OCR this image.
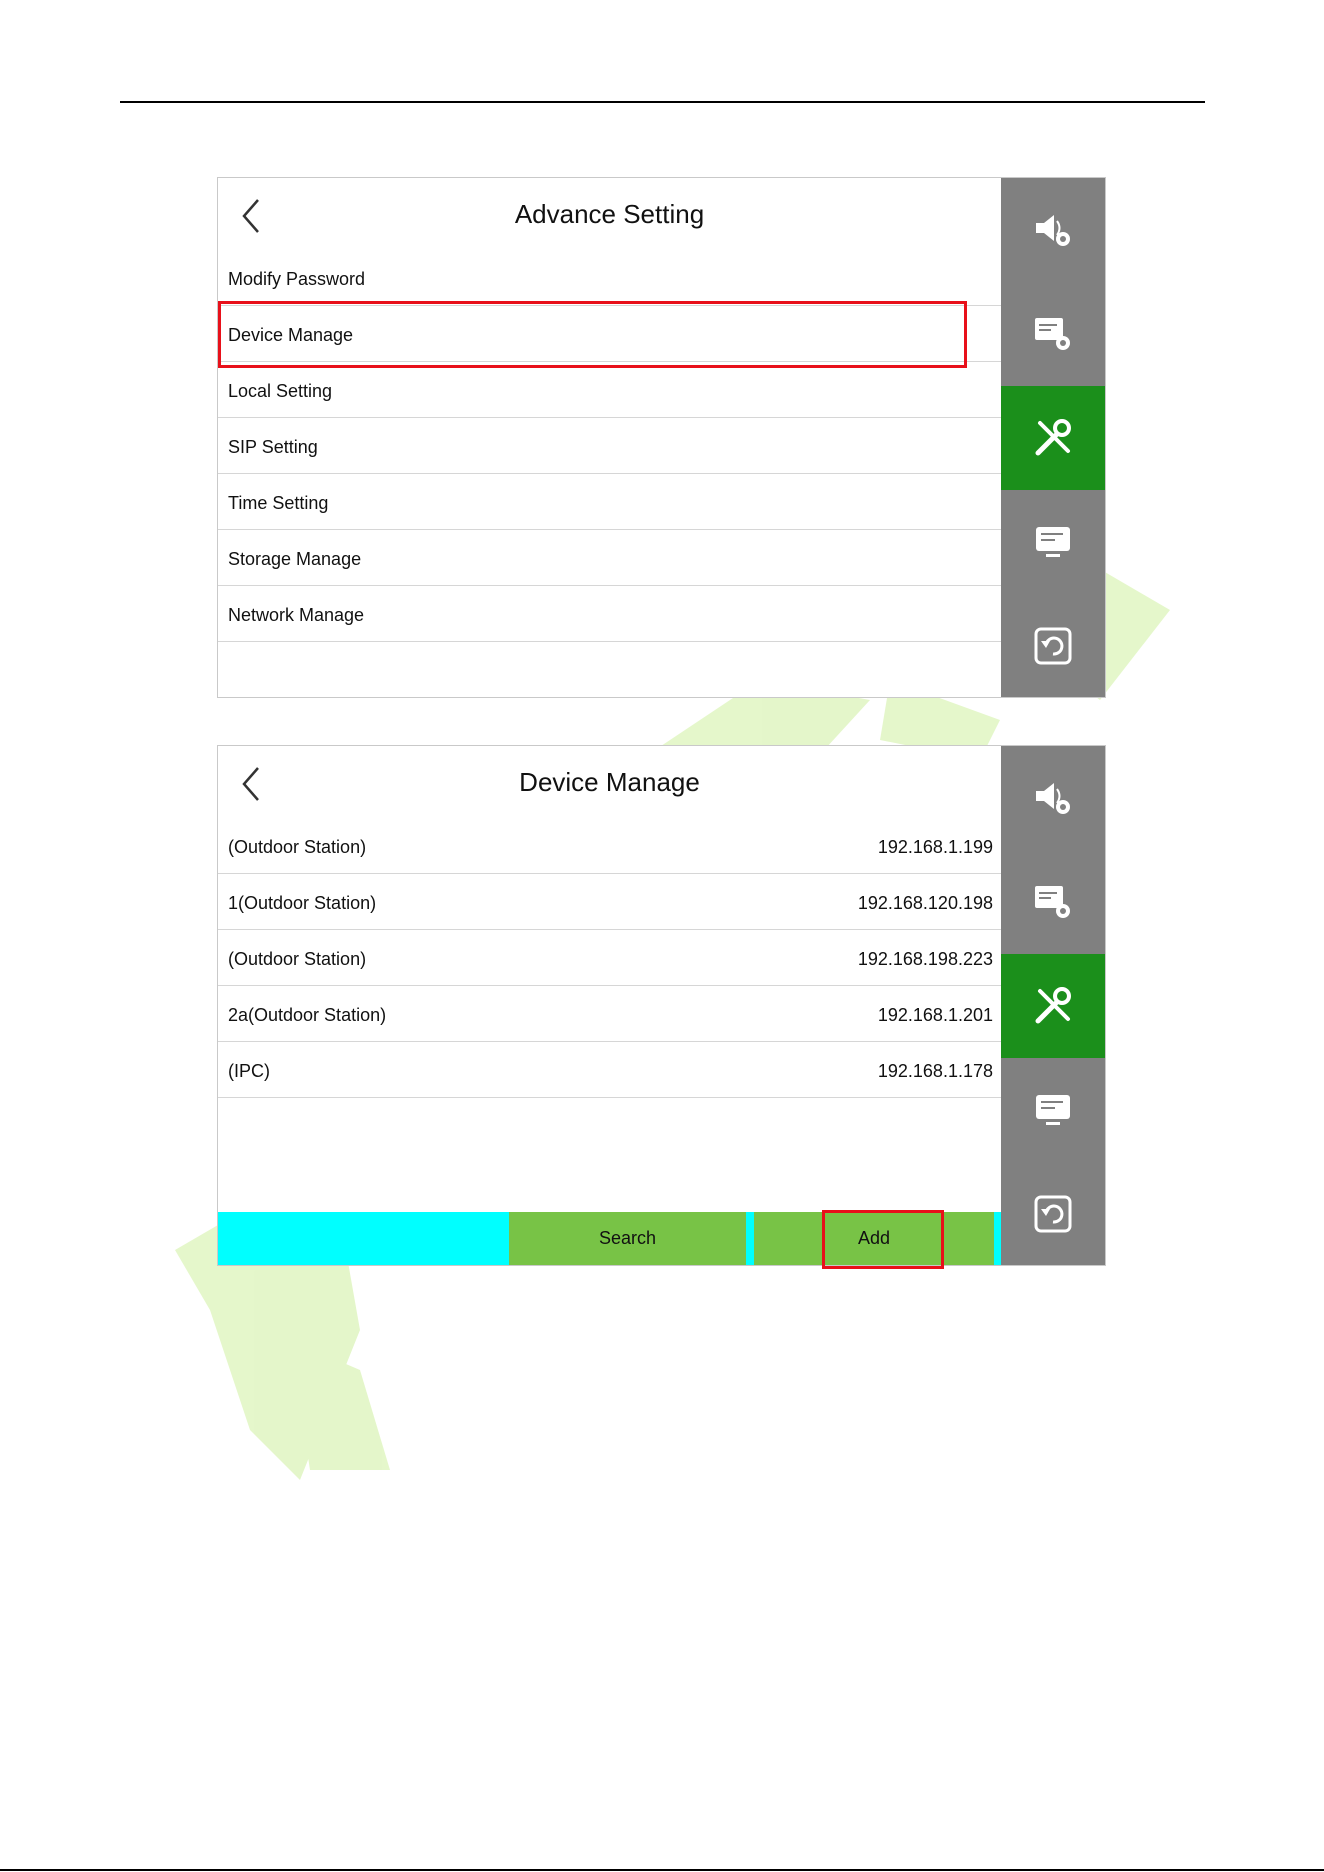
Advance Setting
Modify Password
Device Manage
Local Setting
SIP Setting
Time Setting
Storage Manage
Network Manage
Device Manage
(Outdoor Station)	192.168.1.199
1(Outdoor Station)	192.168.120.198
(Outdoor Station)	192.168.198.223
2a(Outdoor Station)	192.168.1.201
(IPC)	192.168.1.178
Search	Add
